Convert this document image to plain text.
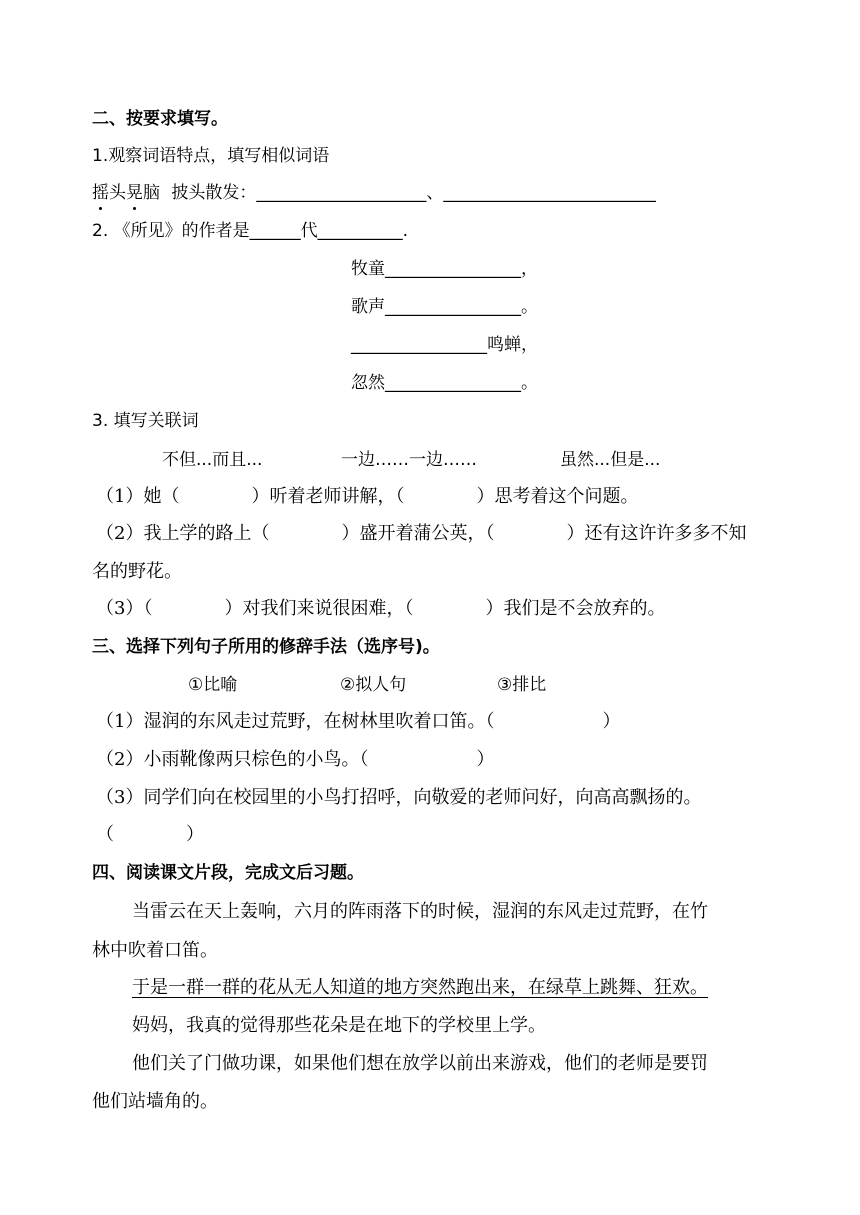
二、按要求填写。
1.观察词语特点，填写相似词语
摇头晃脑 披头散发：____________________、_________________________
2. 《所见》的作者是______代__________.
牧童________________，
歌声________________。
________________鸣蝉，
忽然________________。
3. 填写关联词
不但...而且...	一边……一边……	虽然...但是...
（1）她（　　　　）听着老师讲解，（　　　　）思考着这个问题。
（2）我上学的路上（　　　　）盛开着蒲公英，（　　　　）还有这许许多多不知
名的野花。
（3）（　　　　）对我们来说很困难，（　　　　）我们是不会放弃的。
三、选择下列句子所用的修辞手法（选序号)。
①比喻	②拟人句	③排比
（1）湿润的东风走过荒野，在树林里吹着口笛。（　　　　　　）
（2）小雨靴像两只棕色的小鸟。（　　　　　　）
（3）同学们向在校园里的小鸟打招呼，向敬爱的老师问好，向高高飘扬的。
（　　　　）
四、阅读课文片段，完成文后习题。
当雷云在天上轰响，六月的阵雨落下的时候，湿润的东风走过荒野，在竹
林中吹着口笛。
于是一群一群的花从无人知道的地方突然跑出来，在绿草上跳舞、狂欢。
妈妈，我真的觉得那些花朵是在地下的学校里上学。
他们关了门做功课，如果他们想在放学以前出来游戏，他们的老师是要罚
他们站墙角的。
